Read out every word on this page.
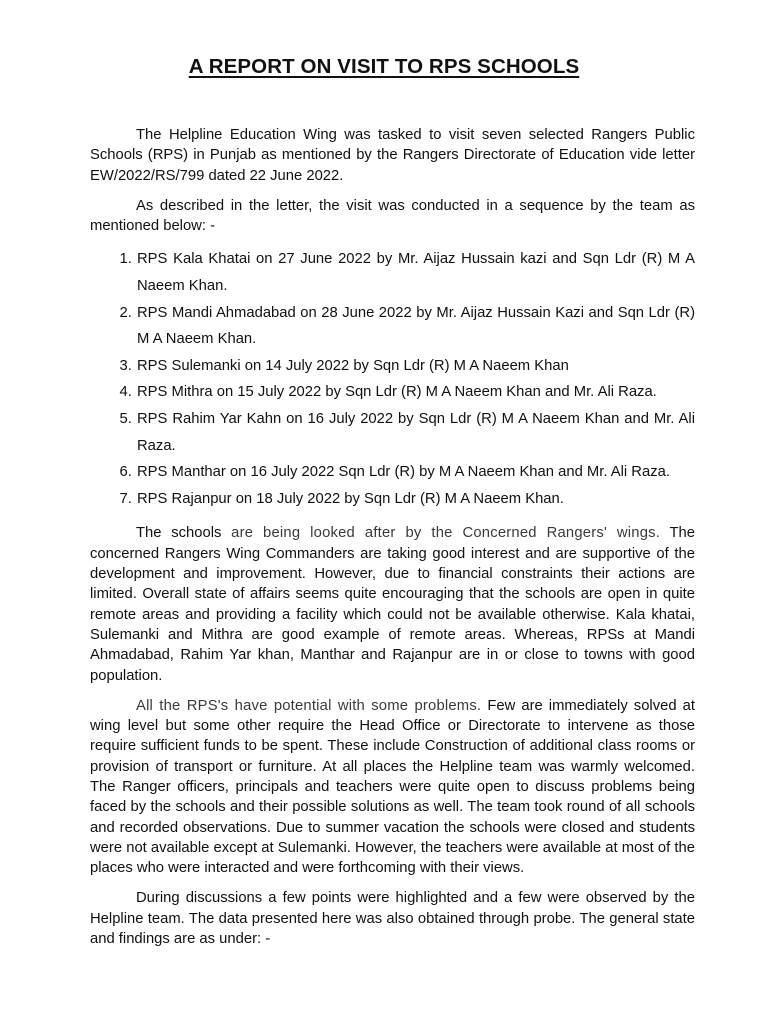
A REPORT ON VISIT TO RPS SCHOOLS

The Helpline Education Wing was tasked to visit seven selected Rangers Public Schools (RPS) in Punjab as mentioned by the Rangers Directorate of Education vide letter EW/2022/RS/799 dated 22 June 2022.

As described in the letter, the visit was conducted in a sequence by the team as mentioned below: -

1. RPS Kala Khatai on 27 June 2022 by Mr. Aijaz Hussain kazi and Sqn Ldr (R) M A Naeem Khan.
2. RPS Mandi Ahmadabad on 28 June 2022 by Mr. Aijaz Hussain Kazi and Sqn Ldr (R) M A Naeem Khan.
3. RPS Sulemanki on 14 July 2022 by Sqn Ldr (R) M A Naeem Khan
4. RPS Mithra on 15 July 2022 by Sqn Ldr (R) M A Naeem Khan and Mr. Ali Raza.
5. RPS Rahim Yar Kahn on 16 July 2022 by Sqn Ldr (R) M A Naeem Khan and Mr. Ali Raza.
6. RPS Manthar on 16 July 2022 Sqn Ldr (R) by M A Naeem Khan and Mr. Ali Raza.
7. RPS Rajanpur on 18 July 2022 by Sqn Ldr (R) M A Naeem Khan.

The schools are being looked after by the Concerned Rangers' wings. The concerned Rangers Wing Commanders are taking good interest and are supportive of the development and improvement. However, due to financial constraints their actions are limited. Overall state of affairs seems quite encouraging that the schools are open in quite remote areas and providing a facility which could not be available otherwise. Kala khatai, Sulemanki and Mithra are good example of remote areas. Whereas, RPSs at Mandi Ahmadabad, Rahim Yar khan, Manthar and Rajanpur are in or close to towns with good population.

All the RPS's have potential with some problems. Few are immediately solved at wing level but some other require the Head Office or Directorate to intervene as those require sufficient funds to be spent. These include Construction of additional class rooms or provision of transport or furniture. At all places the Helpline team was warmly welcomed. The Ranger officers, principals and teachers were quite open to discuss problems being faced by the schools and their possible solutions as well. The team took round of all schools and recorded observations. Due to summer vacation the schools were closed and students were not available except at Sulemanki. However, the teachers were available at most of the places who were interacted and were forthcoming with their views.

During discussions a few points were highlighted and a few were observed by the Helpline team. The data presented here was also obtained through probe. The general state and findings are as under: -
